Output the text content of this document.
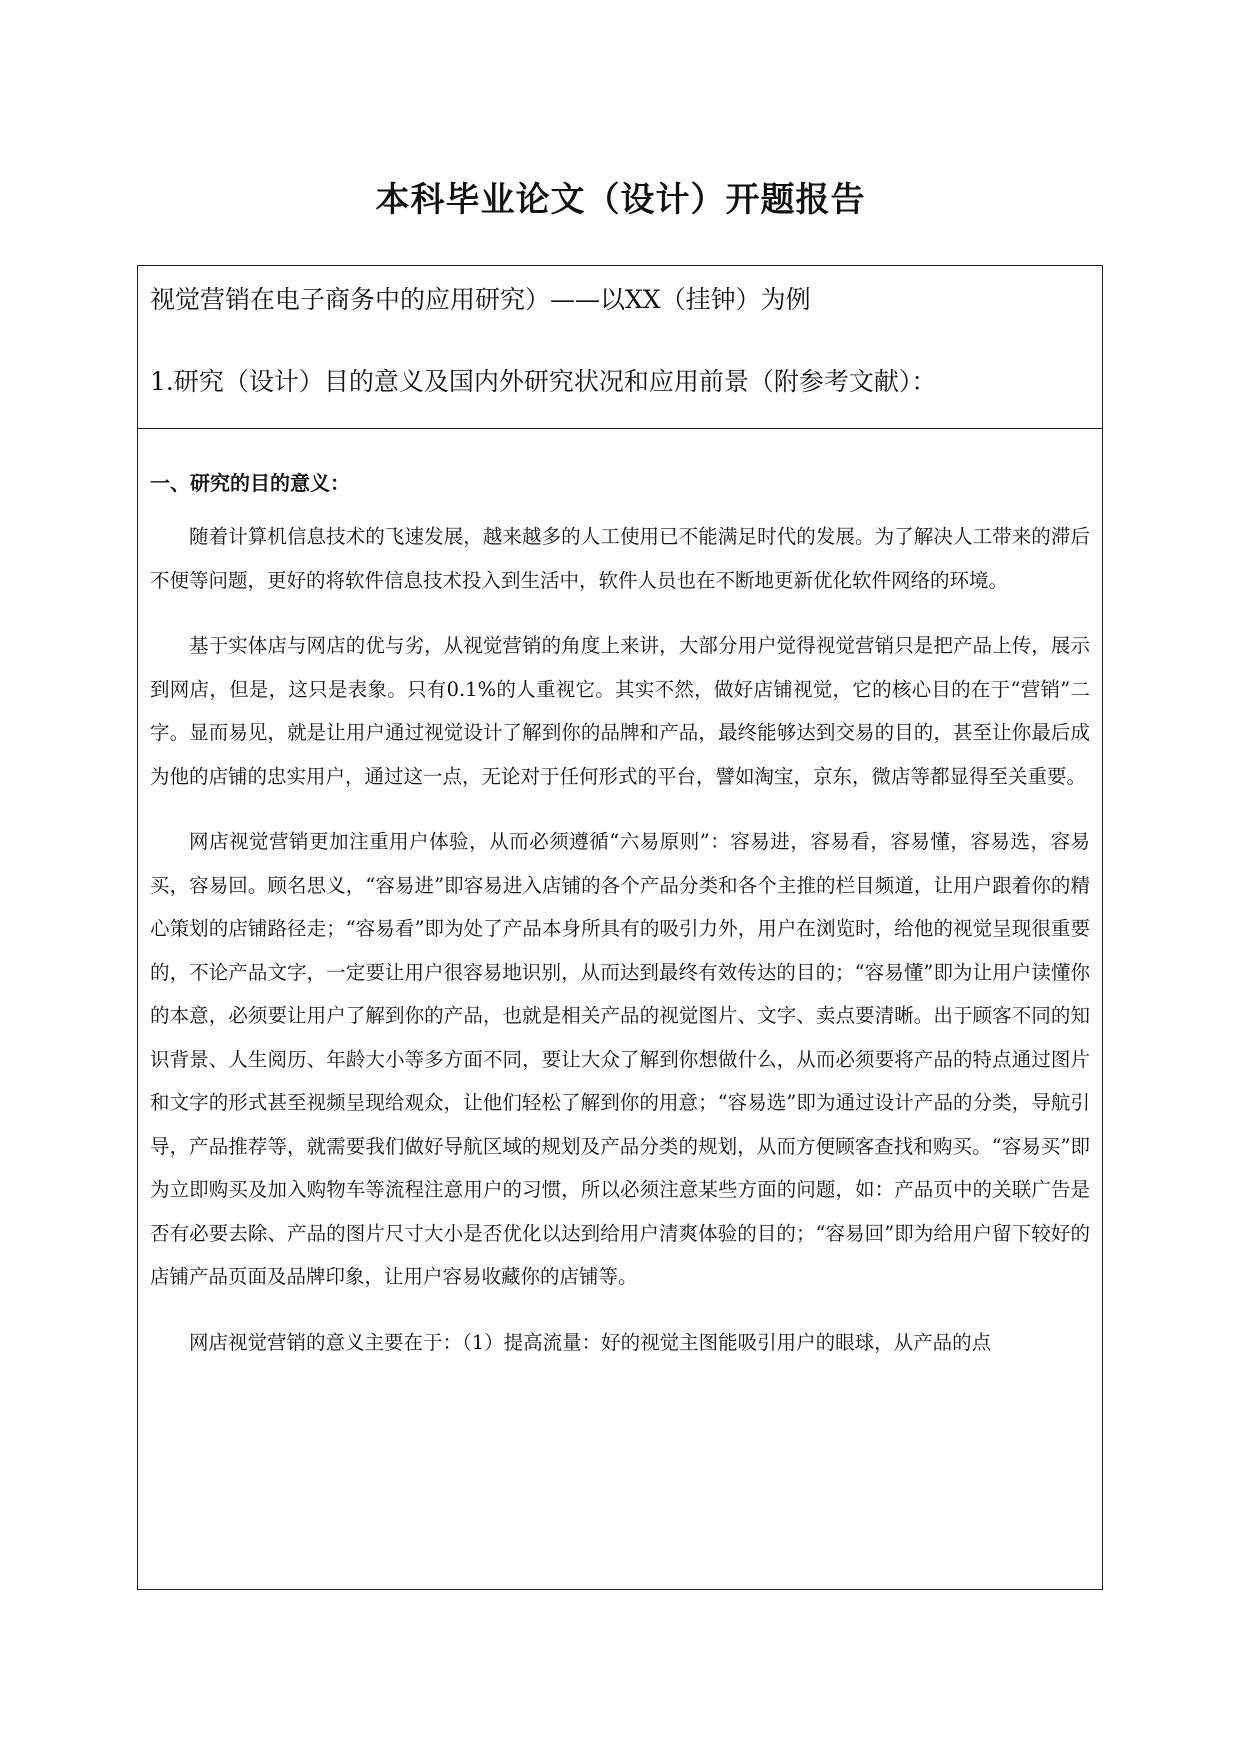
本科毕业论文（设计）开题报告

视觉营销在电子商务中的应用研究）——以XX（挂钟）为例

1.研究（设计）目的意义及国内外研究状况和应用前景（附参考文献）：

一、研究的目的意义：

随着计算机信息技术的飞速发展，越来越多的人工使用已不能满足时代的发展。为了解决人工带来的滞后不便等问题，更好的将软件信息技术投入到生活中，软件人员也在不断地更新优化软件网络的环境。

基于实体店与网店的优与劣，从视觉营销的角度上来讲，大部分用户觉得视觉营销只是把产品上传，展示到网店，但是，这只是表象。只有0.1%的人重视它。其实不然，做好店铺视觉，它的核心目的在于“营销”二字。显而易见，就是让用户通过视觉设计了解到你的品牌和产品，最终能够达到交易的目的，甚至让你最后成为他的店铺的忠实用户，通过这一点，无论对于任何形式的平台，譬如淘宝，京东，微店等都显得至关重要。

网店视觉营销更加注重用户体验，从而必须遵循“六易原则”：容易进，容易看，容易懂，容易选，容易买，容易回。顾名思义，“容易进”即容易进入店铺的各个产品分类和各个主推的栏目频道，让用户跟着你的精心策划的店铺路径走；“容易看”即为处了产品本身所具有的吸引力外，用户在浏览时，给他的视觉呈现很重要的，不论产品文字，一定要让用户很容易地识别，从而达到最终有效传达的目的；“容易懂”即为让用户读懂你的本意，必须要让用户了解到你的产品，也就是相关产品的视觉图片、文字、卖点要清晰。出于顾客不同的知识背景、人生阅历、年龄大小等多方面不同，要让大众了解到你想做什么，从而必须要将产品的特点通过图片和文字的形式甚至视频呈现给观众，让他们轻松了解到你的用意；“容易选”即为通过设计产品的分类，导航引导，产品推荐等，就需要我们做好导航区域的规划及产品分类的规划，从而方便顾客查找和购买。“容易买”即为立即购买及加入购物车等流程注意用户的习惯，所以必须注意某些方面的问题，如：产品页中的关联广告是否有必要去除、产品的图片尺寸大小是否优化以达到给用户清爽体验的目的；“容易回”即为给用户留下较好的店铺产品页面及品牌印象，让用户容易收藏你的店铺等。

网店视觉营销的意义主要在于：（1）提高流量：好的视觉主图能吸引用户的眼球，从产品的点
